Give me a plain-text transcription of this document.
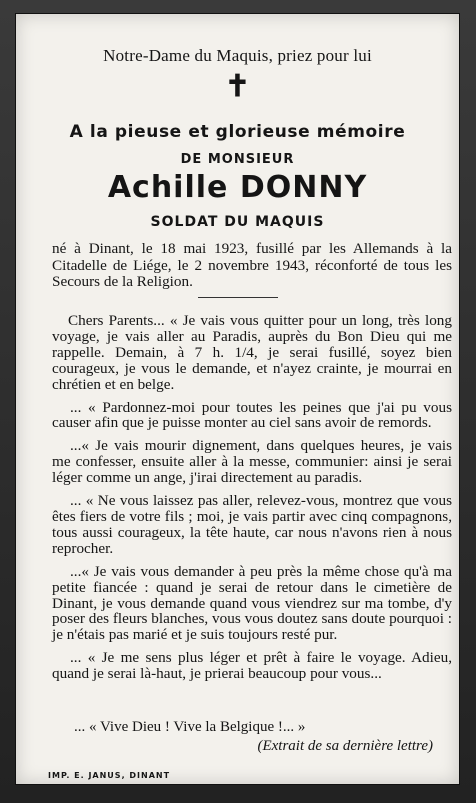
Notre-Dame du Maquis, priez pour lui
✝
A la pieuse et glorieuse mémoire
DE MONSIEUR
Achille DONNY
SOLDAT DU MAQUIS
né à Dinant, le 18 mai 1923, fusillé par les Allemands à la Citadelle de Liége, le 2 novembre 1943, réconforté de tous les Secours de la Religion.

Chers Parents... « Je vais vous quitter pour un long, très long voyage, je vais aller au Paradis, auprès du Bon Dieu qui me rappelle. Demain, à 7 h. 1/4, je serai fusillé, soyez bien courageux, je vous le demande, et n'ayez crainte, je mourrai en chrétien et en belge.

... « Pardonnez-moi pour toutes les peines que j'ai pu vous causer afin que je puisse monter au ciel sans avoir de remords.

...« Je vais mourir dignement, dans quelques heures, je vais me confesser, ensuite aller à la messe, communier: ainsi je serai léger comme un ange, j'irai directement au paradis.

... « Ne vous laissez pas aller, relevez-vous, montrez que vous êtes fiers de votre fils ; moi, je vais partir avec cinq compagnons, tous aussi courageux, la tête haute, car nous n'avons rien à nous reprocher.

...« Je vais vous demander à peu près la même chose qu'à ma petite fiancée : quand je serai de retour dans le cimetière de Dinant, je vous demande quand vous viendrez sur ma tombe, d'y poser des fleurs blanches, vous vous doutez sans doute pourquoi : je n'étais pas marié et je suis toujours resté pur.

... « Je me sens plus léger et prêt à faire le voyage. Adieu, quand je serai là-haut, je prierai beaucoup pour vous...

... « Vive Dieu ! Vive la Belgique !... »
(Extrait de sa dernière lettre)
IMP. E. JANUS, DINANT
